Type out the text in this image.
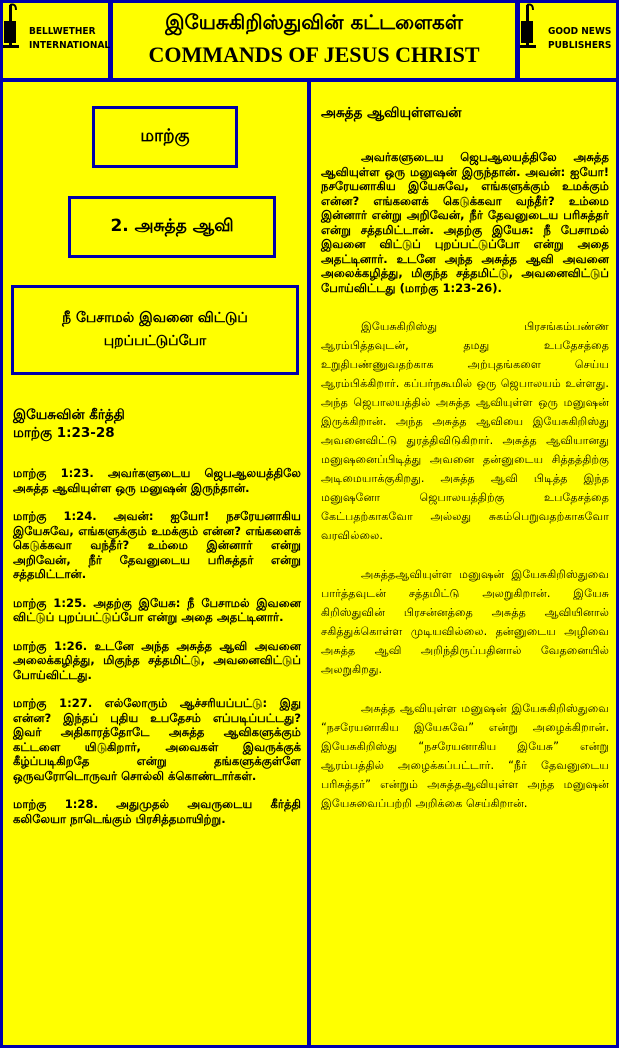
BELLWETHER
INTERNATIONAL
இயேசுகிறிஸ்துவின் கட்டளைகள்
COMMANDS OF JESUS CHRIST
GOOD NEWS
PUBLISHERS
மாற்கு
2. அசுத்த ஆவி
நீ பேசாமல் இவனை விட்டுப் புறப்பட்டுப்போ
இயேசுவின் கீர்த்தி
மாற்கு 1:23-28

மாற்கு 1:23. அவர்களுடைய ஜெபஆலயத்திலே அசுத்த ஆவியுள்ள ஒரு மனுஷன் இருந்தான்.

மாற்கு 1:24. அவன்: ஐயோ! நசரேயனாகிய இயேசுவே, எங்களுக்கும் உமக்கும் என்ன? எங்களைக் கெடுக்கவா வந்தீர்? உம்மை இன்னார் என்று அறிவேன், நீர் தேவனுடைய பரிசுத்தர் என்று சத்தமிட்டான்.

மாற்கு 1:25. அதற்கு இயேசு: நீ பேசாமல் இவனை விட்டுப் புறப்பட்டுப்போ என்று அதை அதட்டினார்.

மாற்கு 1:26. உடனே அந்த அசுத்த ஆவி அவனை அலைக்கழித்து, மிகுந்த சத்தமிட்டு, அவனைவிட்டுப் போய்விட்டது.

மாற்கு 1:27. எல்லோரும் ஆச்சரியப்பட்டு: இது என்ன? இந்தப் புதிய உபதேசம் எப்படிப்பட்டது? இவர் அதிகாரத்தோடே அசுத்த ஆவிகளுக்கும் கட்டளை யிடுகிறார், அவைகள் இவருக்குக் கீழ்ப்படிகிறதே என்று தங்களுக்குள்ளே ஒருவரோடொருவர் சொல்லி க்கொண்டார்கள்.

மாற்கு 1:28. அதுமுதல் அவருடைய கீர்த்தி கலிலேயா நாடெங்கும் பிரசித்தமாயிற்று.

அசுத்த ஆவியுள்ளவன்

அவர்களுடைய ஜெபஆலயத்திலே அசுத்த ஆவியுள்ள ஒரு மனுஷன் இருந்தான். அவன்: ஐயோ! நசரேயனாகிய இயேசுவே, எங்களுக்கும் உமக்கும் என்ன? எங்களைக் கெடுக்கவா வந்தீர்? உம்மை இன்னார் என்று அறிவேன், நீர் தேவனுடைய பரிசுத்தர் என்று சத்தமிட்டான். அதற்கு இயேசு: நீ பேசாமல் இவனை விட்டுப் புறப்பட்டுப்போ என்று அதை அதட்டினார். உடனே அந்த அசுத்த ஆவி அவனை அலைக்கழித்து, மிகுந்த சத்தமிட்டு, அவனைவிட்டுப் போய்விட்டது (மாற்கு 1:23-26).

இயேசுகிறிஸ்து பிரசங்கம்பண்ண ஆரம்பித்தவுடன், தமது உபதேசத்தை உறுதிபண்ணுவதற்காக அற்புதங்களை செய்ய ஆரம்பிக்கிறார். கப்பர்நகூமில் ஒரு ஜெபாலயம் உள்ளது. அந்த ஜெபாலயத்தில் அசுத்த ஆவியுள்ள ஒரு மனுஷன் இருக்கிறான். அந்த அசுத்த ஆவியை இயேசுகிறிஸ்து அவனைவிட்டு துரத்திவிடுகிறார். அசுத்த ஆவியானது மனுஷனைப்பிடித்து அவனை தன்னுடைய சித்தத்திற்கு அடிமையாக்குகிறது. அசுத்த ஆவி பிடித்த இந்த மனுஷனோ ஜெபாலயத்திற்கு உபதேசத்தை கேட்பதற்காகவோ அல்லது சுகம்பெறுவதற்காகவோ வரவில்லை.

அசுத்தஆவியுள்ள மனுஷன் இயேசுகிறிஸ்துவை பார்த்தவுடன் சத்தமிட்டு அலறுகிறான். இயேசு கிறிஸ்துவின் பிரசன்னத்தை அசுத்த ஆவியினால் சகித்துக்கொள்ள முடியவில்லை. தன்னுடைய அழிவை அசுத்த ஆவி அறிந்திருப்பதினால் வேதனையில் அலறுகிறது.

அசுத்த ஆவியுள்ள மனுஷன் இயேசுகிறிஸ்துவை “நசரேயனாகிய இயேசுவே” என்று அழைக்கிறான். இயேசுகிறிஸ்து “நசரேயனாகிய இயேசு” என்று ஆரம்பத்தில் அழைக்கப்பட்டார். “நீர் தேவனுடைய பரிசுத்தர்” என்றும் அசுத்தஆவியுள்ள அந்த மனுஷன் இயேசுவைப்பற்றி அறிக்கை செய்கிறான்.
